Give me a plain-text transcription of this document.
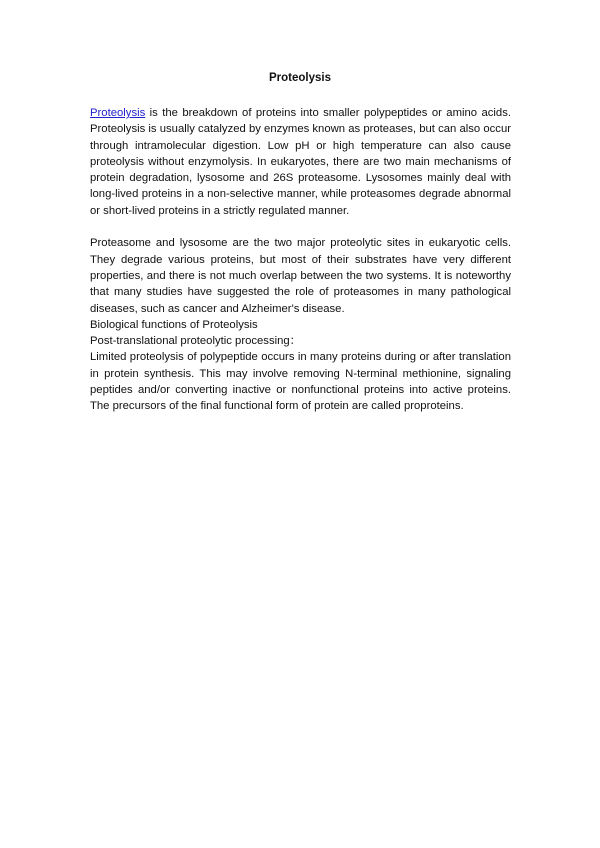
Proteolysis

Proteolysis is the breakdown of proteins into smaller polypeptides or amino acids. Proteolysis is usually catalyzed by enzymes known as proteases, but can also occur through intramolecular digestion. Low pH or high temperature can also cause proteolysis without enzymolysis. In eukaryotes, there are two main mechanisms of protein degradation, lysosome and 26S proteasome. Lysosomes mainly deal with long-lived proteins in a non-selective manner, while proteasomes degrade abnormal or short-lived proteins in a strictly regulated manner.

Proteasome and lysosome are the two major proteolytic sites in eukaryotic cells. They degrade various proteins, but most of their substrates have very different properties, and there is not much overlap between the two systems. It is noteworthy that many studies have suggested the role of proteasomes in many pathological diseases, such as cancer and Alzheimer's disease.

Biological functions of Proteolysis

Post-translational proteolytic processing：

Limited proteolysis of polypeptide occurs in many proteins during or after translation in protein synthesis. This may involve removing N-terminal methionine, signaling peptides and/or converting inactive or nonfunctional proteins into active proteins. The precursors of the final functional form of protein are called proproteins.
